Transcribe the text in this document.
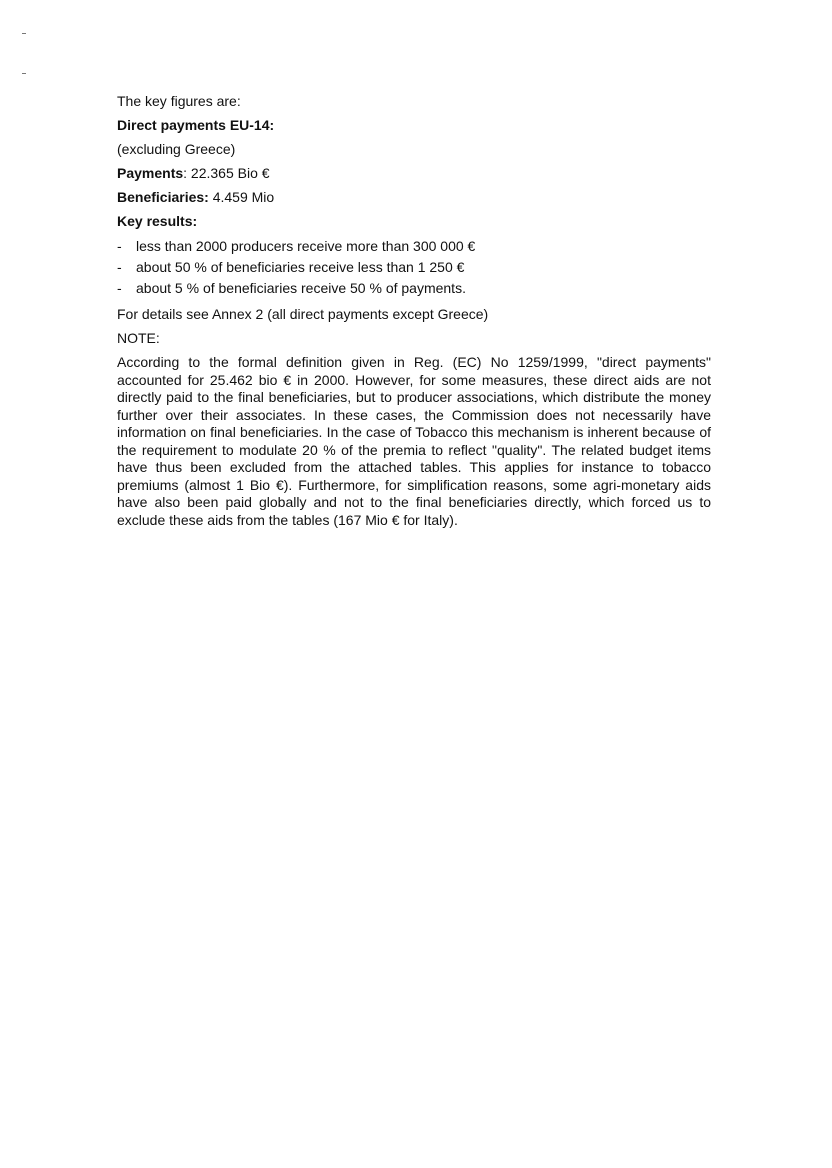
The key figures are:

Direct payments EU-14:

(excluding Greece)

Payments: 22.365 Bio €

Beneficiaries: 4.459 Mio

Key results:

- less than 2000 producers receive more than 300 000 €
- about 50 % of beneficiaries receive less than 1 250 €
- about 5 % of beneficiaries receive 50 % of payments.

For details see Annex 2 (all direct payments except Greece)

NOTE:

According to the formal definition given in Reg. (EC) No 1259/1999, "direct payments" accounted for 25.462 bio € in 2000. However, for some measures, these direct aids are not directly paid to the final beneficiaries, but to producer associations, which distribute the money further over their associates. In these cases, the Commission does not necessarily have information on final beneficiaries. In the case of Tobacco this mechanism is inherent because of the requirement to modulate 20 % of the premia to reflect "quality". The related budget items have thus been excluded from the attached tables. This applies for instance to tobacco premiums (almost 1 Bio €). Furthermore, for simplification reasons, some agri-monetary aids have also been paid globally and not to the final beneficiaries directly, which forced us to exclude these aids from the tables (167 Mio € for Italy).
